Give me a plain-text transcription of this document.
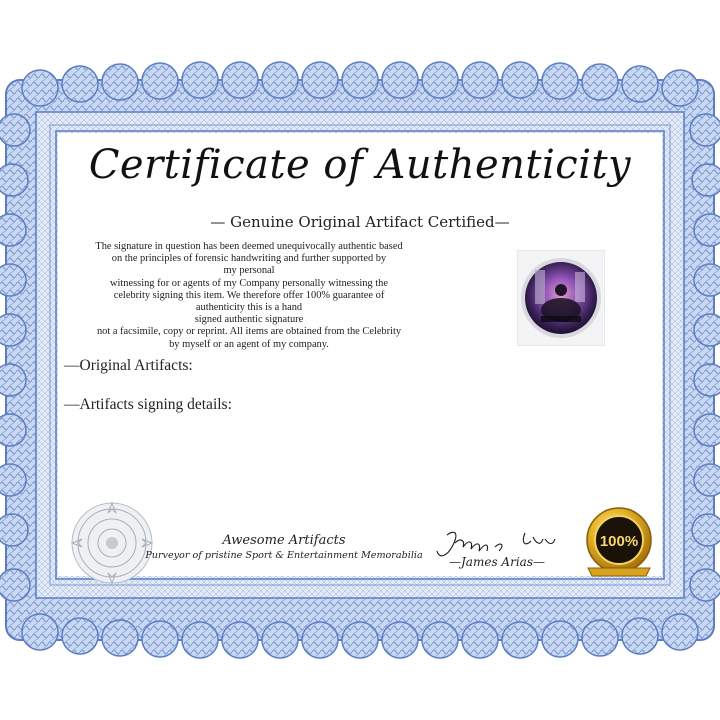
Certificate of Authenticity
— Genuine Original Artifact Certified—
The signature in question has been deemed unequivocally authentic based
on the principles of forensic handwriting and further supported by
my personal
witnessing for or agents of my Company personally witnessing the
celebrity signing this item. We therefore offer 100% guarantee of
authenticity this is a hand
signed authentic signature
not a facsimile, copy or reprint. All items are obtained from the Celebrity
by myself or an agent of my company.
—Original Artifacts:
—Artifacts signing details:
Awesome Artifacts
Purveyor of pristine Sport & Entertainment Memorabilia	—James Arias—
100%
